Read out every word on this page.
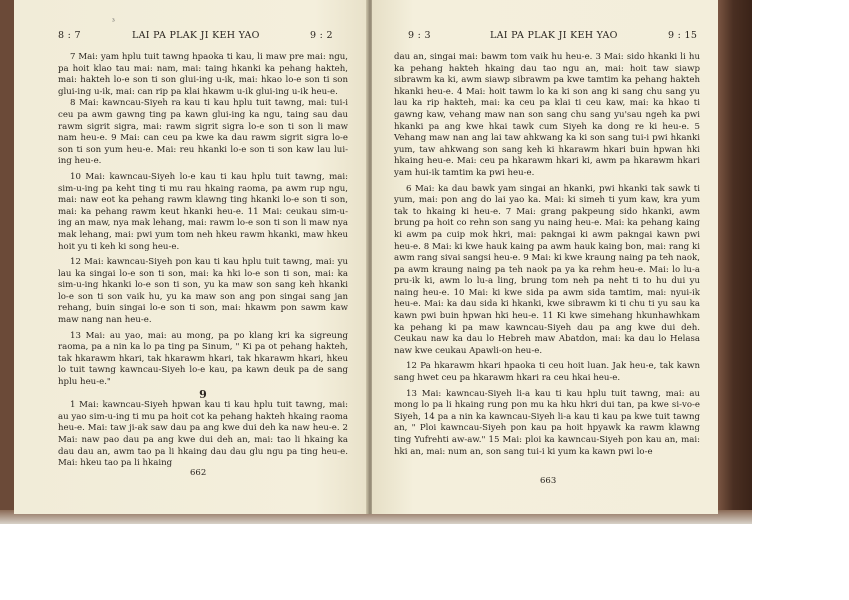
8 : 7	LAI PA PLAK JI KEH YAO	9 : 2
³

7 Mai: yam hplu tuit tawng hpaoka ti kau, li maw pre mai: ngu, pa hoit klao tau mai: nam, mai: taing hkanki ka pehang hakteh, mai: hakteh lo-e son ti son glui-ing u-ik, mai: hkao lo-e son ti son glui-ing u-ik, mai: can rip pa klai hkawm u-ik glui-ing u-ik heu-e.

8 Mai: kawncau-Siyeh ra kau ti kau hplu tuit tawng, mai: tui-i ceu pa awm gawng ting pa kawn glui-ing ka ngu, taing sau dau rawm sigrit sigra, mai: rawm sigrit sigra lo-e son ti son li maw nam heu-e. 9 Mai: can ceu pa kwe ka dau rawm sigrit sigra lo-e son ti son yum heu-e. Mai: reu hkanki lo-e son ti son kaw lau lui-ing heu-e.

10 Mai: kawncau-Siyeh lo-e kau ti kau hplu tuit tawng, mai: sim-u-ing pa keht ting ti mu rau hkaing raoma, pa awm rup ngu, mai: naw eot ka pehang rawm klawng ting hkanki lo-e son ti son, mai: ka pehang rawm keut hkanki heu-e. 11 Mai: ceukau sim-u-ing an maw, nya mak lehang, mai: rawm lo-e son ti son li maw nya mak lehang, mai: pwi yum tom neh hkeu rawm hkanki, maw hkeu hoit yu ti keh ki song heu-e.

12 Mai: kawncau-Siyeh pon kau ti kau hplu tuit tawng, mai: yu lau ka singai lo-e son ti son, mai: ka hki lo-e son ti son, mai: ka sim-u-ing hkanki lo-e son ti son, yu ka maw son sang keh hkanki lo-e son ti son vaik hu, yu ka maw son ang pon singai sang jan rehang, buin singai lo-e son ti son, mai: hkawm pon sawm kaw maw nang nan heu-e.

13 Mai: au yao, mai: au mong, pa po klang kri ka sigreung raoma, pa a nin ka lo pa ting pa Sinum, " Ki pa ot pehang hakteh, tak hkarawm hkari, tak hkarawm hkari, tak hkarawm hkari, hkeu lo tuit tawng kawncau-Siyeh lo-e kau, pa kawn deuk pa de sang hplu heu-e."

9

1 Mai: kawncau-Siyeh hpwan kau ti kau hplu tuit tawng, mai: au yao sim-u-ing ti mu pa hoit cot ka pehang hakteh hkaing raoma heu-e. Mai: taw ji-ak saw dau pa ang kwe dui deh ka naw heu-e. 2 Mai: naw pao dau pa ang kwe dui deh an, mai: tao li hkaing ka dau dau an, awm tao pa li hkaing dau dau glu ngu pa ting heu-e. Mai: hkeu tao pa li hkaing

662
9 : 3	LAI PA PLAK JI KEH YAO	9 : 15

dau an, singai mai: bawm tom vaik hu heu-e. 3 Mai: sido hkanki li hu ka pehang hakteh hkaing dau tao ngu an, mai: hoit taw siawp sibrawm ka ki, awm siawp sibrawm pa kwe tamtim ka pehang hakteh hkanki heu-e. 4 Mai: hoit tawm lo ka ki son ang ki sang chu sang yu lau ka rip hakteh, mai: ka ceu pa klai ti ceu kaw, mai: ka hkao ti gawng kaw, vehang maw nan son sang chu sang yu'sau ngeh ka pwi hkanki pa ang kwe hkai tawk cum Siyeh ka dong re ki heu-e. 5 Vehang maw nan ang lai taw ahkwang ka ki son sang tui-i pwi hkanki yum, taw ahkwang son sang keh ki hkarawm hkari buin hpwan hki hkaing heu-e. Mai: ceu pa hkarawm hkari ki, awm pa hkarawm hkari yam hui-ik tamtim ka pwi heu-e.

6 Mai: ka dau bawk yam singai an hkanki, pwi hkanki tak sawk ti yum, mai: pon ang do lai yao ka. Mai: ki simeh ti yum kaw, kra yum tak to hkaing ki heu-e. 7 Mai: grang pakpeung sido hkanki, awm brung pa hoit co rehn son sang yu naing heu-e. Mai: ka pehang kaing ki awm pa cuip mok hkri, mai: pakngai ki awm pakngai kawn pwi heu-e. 8 Mai: ki kwe hauk kaing pa awm hauk kaing bon, mai: rang ki awm rang sivai sangsi heu-e. 9 Mai: ki kwe kraung naing pa teh naok, pa awm kraung naing pa teh naok pa ya ka rehm heu-e. Mai: lo lu-a pru-ik ki, awm lo lu-a ling, brung tom neh pa neht ti to hu dui yu naing heu-e. 10 Mai: ki kwe sida pa awm sida tamtim, mai: nyui-ik heu-e. Mai: ka dau sida ki hkanki, kwe sibrawm ki ti chu ti yu sau ka kawn pwi buin hpwan hki heu-e. 11 Ki kwe simehang hkunhawhkam ka pehang ki pa maw kawncau-Siyeh dau pa ang kwe dui deh. Ceukau naw ka dau lo Hebreh maw Abatdon, mai: ka dau lo Helasa naw kwe ceukau Apawli-on heu-e.

12 Pa hkarawm hkari hpaoka ti ceu hoit luan. Jak heu-e, tak kawn sang hwet ceu pa hkarawm hkari ra ceu hkai heu-e.

13 Mai: kawncau-Siyeh li-a kau ti kau hplu tuit tawng, mai: au mong lo pa li hkaing rung pon mu ka hku hkri dui tan, pa kwe si-vo-e Siyeh, 14 pa a nin ka kawncau-Siyeh li-a kau ti kau pa kwe tuit tawng an, " Ploi kawncau-Siyeh pon kau pa hoit hpyawk ka rawm klawng ting Yufrehti aw-aw." 15 Mai: ploi ka kawncau-Siyeh pon kau an, mai: hki an, mai: num an, son sang tui-i ki yum ka kawn pwi lo-e

663
